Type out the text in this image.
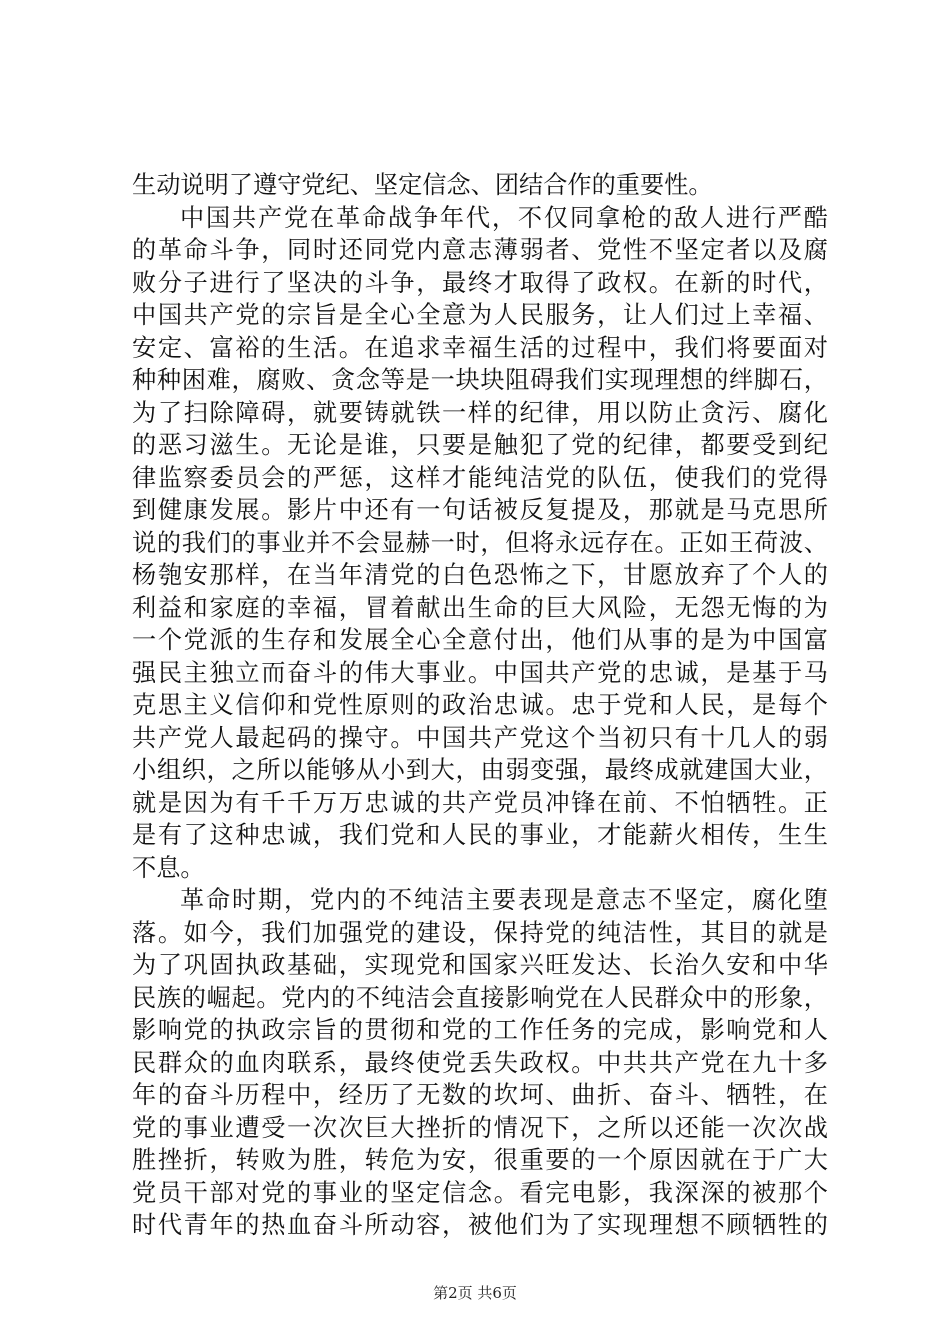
生动说明了遵守党纪、坚定信念、团结合作的重要性。
中国共产党在革命战争年代，不仅同拿枪的敌人进行严酷
的革命斗争，同时还同党内意志薄弱者、党性不坚定者以及腐
败分子进行了坚决的斗争，最终才取得了政权。在新的时代，
中国共产党的宗旨是全心全意为人民服务，让人们过上幸福、
安定、富裕的生活。在追求幸福生活的过程中，我们将要面对
种种困难，腐败、贪念等是一块块阻碍我们实现理想的绊脚石，
为了扫除障碍，就要铸就铁一样的纪律，用以防止贪污、腐化
的恶习滋生。无论是谁，只要是触犯了党的纪律，都要受到纪
律监察委员会的严惩，这样才能纯洁党的队伍，使我们的党得
到健康发展。影片中还有一句话被反复提及，那就是马克思所
说的我们的事业并不会显赫一时，但将永远存在。正如王荷波、
杨匏安那样，在当年清党的白色恐怖之下，甘愿放弃了个人的
利益和家庭的幸福，冒着献出生命的巨大风险，无怨无悔的为
一个党派的生存和发展全心全意付出，他们从事的是为中国富
强民主独立而奋斗的伟大事业。中国共产党的忠诚，是基于马
克思主义信仰和党性原则的政治忠诚。忠于党和人民，是每个
共产党人最起码的操守。中国共产党这个当初只有十几人的弱
小组织，之所以能够从小到大，由弱变强，最终成就建国大业，
就是因为有千千万万忠诚的共产党员冲锋在前、不怕牺牲。正
是有了这种忠诚，我们党和人民的事业，才能薪火相传，生生
不息。
革命时期，党内的不纯洁主要表现是意志不坚定，腐化堕
落。如今，我们加强党的建设，保持党的纯洁性，其目的就是
为了巩固执政基础，实现党和国家兴旺发达、长治久安和中华
民族的崛起。党内的不纯洁会直接影响党在人民群众中的形象，
影响党的执政宗旨的贯彻和党的工作任务的完成，影响党和人
民群众的血肉联系，最终使党丢失政权。中共共产党在九十多
年的奋斗历程中，经历了无数的坎坷、曲折、奋斗、牺牲，在
党的事业遭受一次次巨大挫折的情况下，之所以还能一次次战
胜挫折，转败为胜，转危为安，很重要的一个原因就在于广大
党员干部对党的事业的坚定信念。看完电影，我深深的被那个
时代青年的热血奋斗所动容，被他们为了实现理想不顾牺牲的
第2页 共6页
